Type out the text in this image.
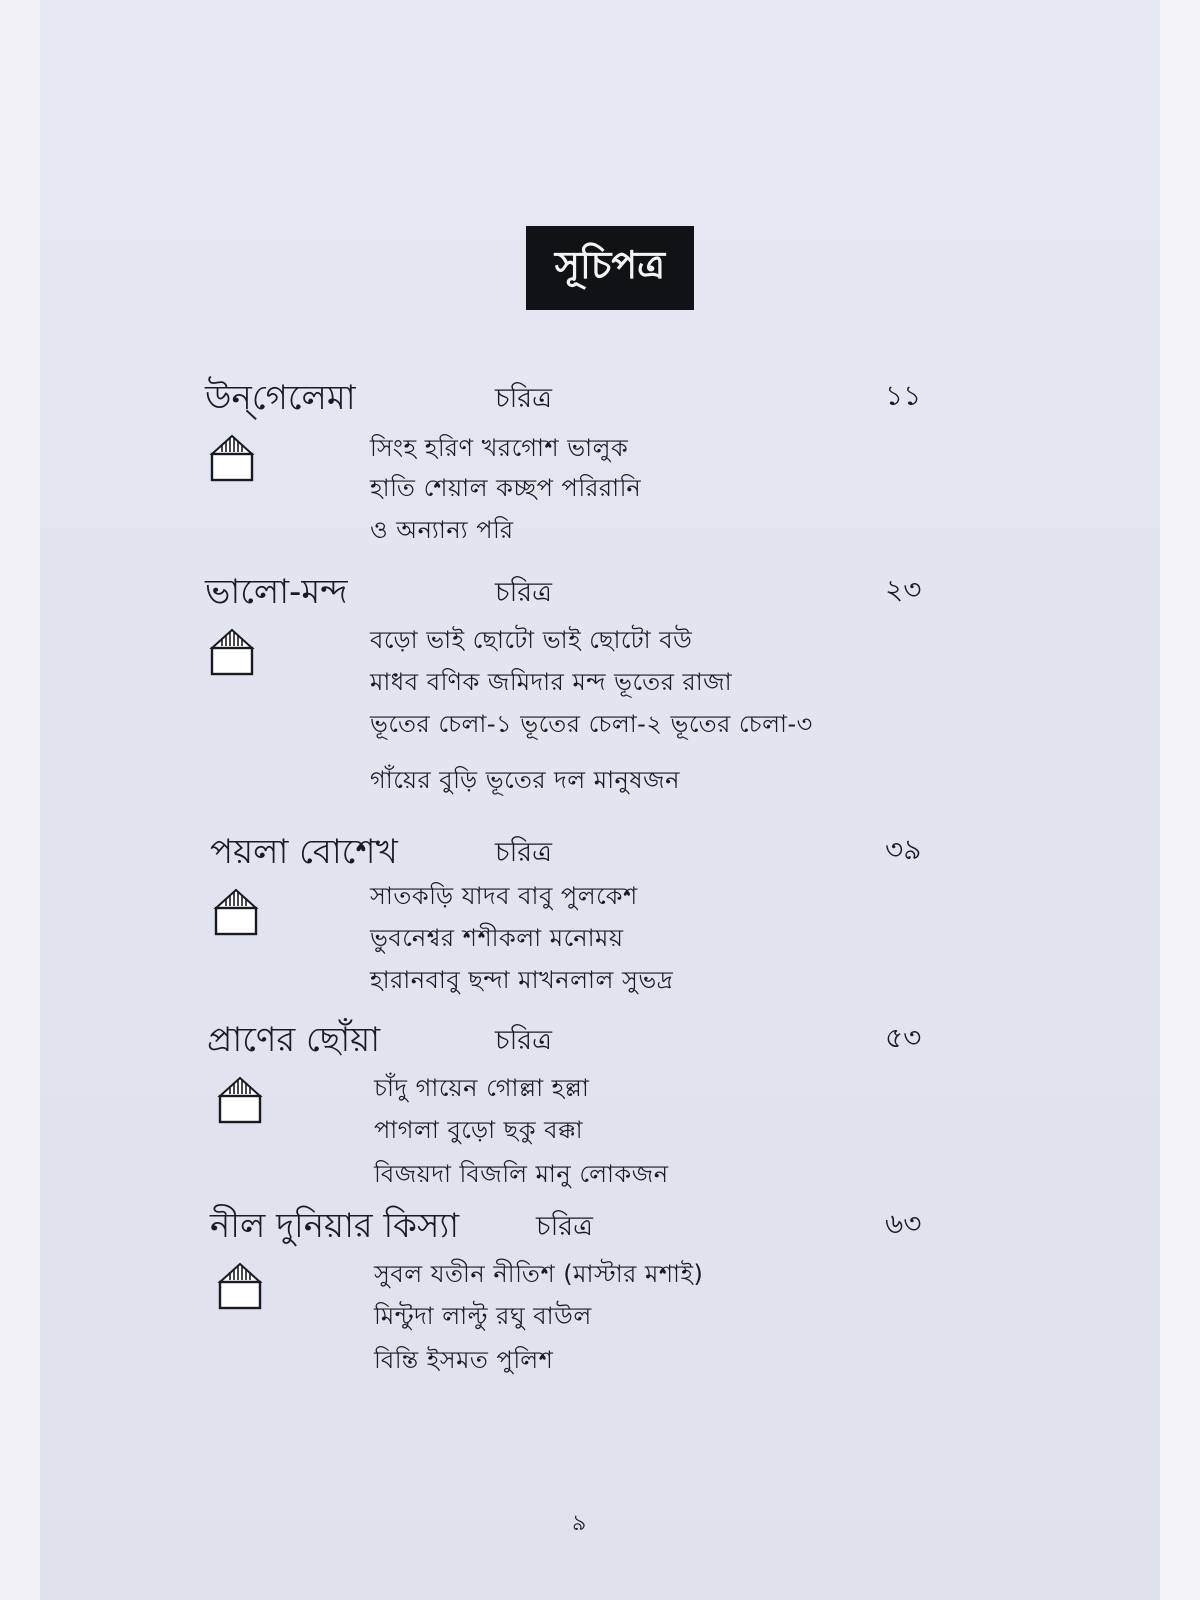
সূচিপত্র
উন্‌গেলেমা	চরিত্র	১১
সিংহ হরিণ খরগোশ ভালুক
হাতি শেয়াল কচ্ছপ পরিরানি
ও অন্যান্য পরি
ভালো-মন্দ	চরিত্র	২৩
বড়ো ভাই ছোটো ভাই ছোটো বউ
মাধব বণিক জমিদার মন্দ ভূতের রাজা
ভূতের চেলা-১ ভূতের চেলা-২ ভূতের চেলা-৩
গাঁয়ের বুড়ি ভূতের দল মানুষজন
পয়লা বোশেখ	চরিত্র	৩৯
সাতকড়ি যাদব বাবু পুলকেশ
ভুবনেশ্বর শশীকলা মনোময়
হারানবাবু ছন্দা মাখনলাল সুভদ্র
প্রাণের ছোঁয়া	চরিত্র	৫৩
চাঁদু গায়েন গোল্লা হল্লা
পাগলা বুড়ো ছকু বক্কা
বিজয়দা বিজলি মানু লোকজন
নীল দুনিয়ার কিস্যা	চরিত্র	৬৩
সুবল যতীন নীতিশ (মাস্টার মশাই)
মিন্টুদা লাল্টু রঘু বাউল
বিন্তি ইসমত পুলিশ
৯
